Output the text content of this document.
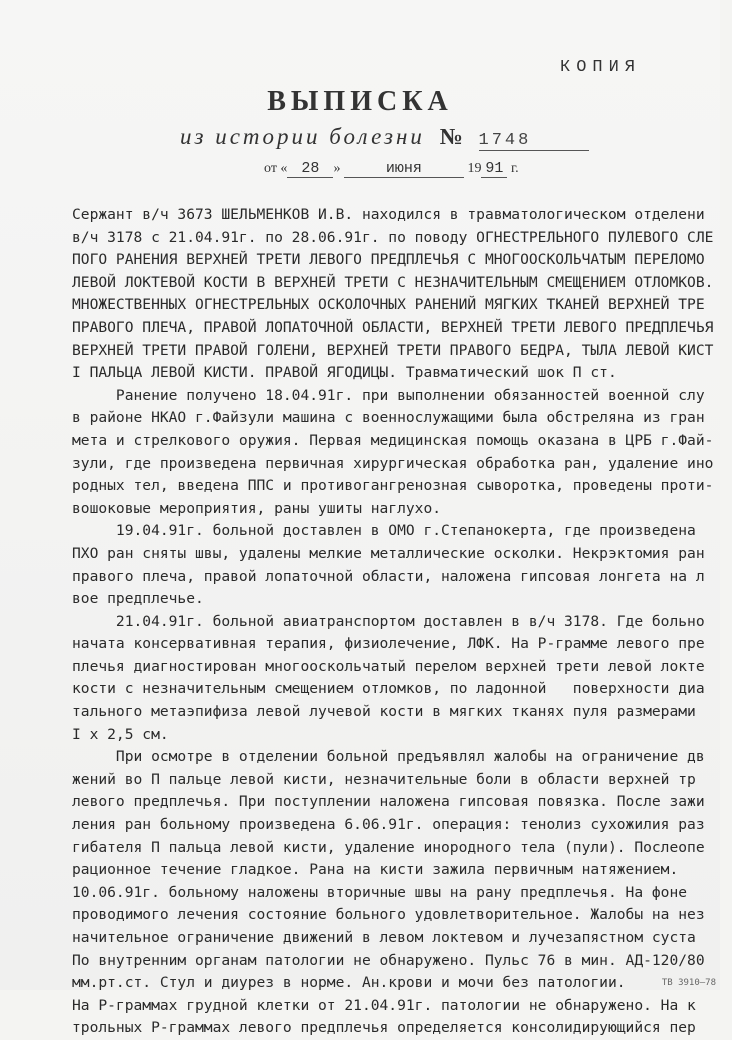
КОПИЯ
ВЫПИСКА
из истории болезни № 1748
от « 28 »	июня	19 91 г.
Сержант в/ч 3673 ШЕЛЬМЕНКОВ И.В. находился в травматологическом отделени
в/ч 3178 с 21.04.91г. по 28.06.91г. по поводу ОГНЕСТРЕЛЬНОГО ПУЛЕВОГО СЛЕ
ПОГО РАНЕНИЯ ВЕРХНЕЙ ТРЕТИ ЛЕВОГО ПРЕДПЛЕЧЬЯ С МНОГООСКОЛЬЧАТЫМ ПЕРЕЛОМО
ЛЕВОЙ ЛОКТЕВОЙ КОСТИ В ВЕРХНЕЙ ТРЕТИ С НЕЗНАЧИТЕЛЬНЫМ СМЕЩЕНИЕМ ОТЛОМКОВ.
МНОЖЕСТВЕННЫХ ОГНЕСТРЕЛЬНЫХ ОСКОЛОЧНЫХ РАНЕНИЙ МЯГКИХ ТКАНЕЙ ВЕРХНЕЙ ТРЕ
ПРАВОГО ПЛЕЧА, ПРАВОЙ ЛОПАТОЧНОЙ ОБЛАСТИ, ВЕРХНЕЙ ТРЕТИ ЛЕВОГО ПРЕДПЛЕЧЬЯ
ВЕРХНЕЙ ТРЕТИ ПРАВОЙ ГОЛЕНИ, ВЕРХНЕЙ ТРЕТИ ПРАВОГО БЕДРА, ТЫЛА ЛЕВОЙ КИСТ
I ПАЛЬЦА ЛЕВОЙ КИСТИ. ПРАВОЙ ЯГОДИЦЫ. Травматический шок П ст.
Ранение получено 18.04.91г. при выполнении обязанностей военной слу
в районе НКАО г.Файзули машина с военнослужащими была обстреляна из гран
мета и стрелкового оружия. Первая медицинская помощь оказана в ЦРБ г.Фай-
зули, где произведена первичная хирургическая обработка ран, удаление ино
родных тел, введена ППС и противогангренозная сыворотка, проведены проти-
вошоковые мероприятия, раны ушиты наглухо.
19.04.91г. больной доставлен в ОМО г.Степанокерта, где произведена
ПХО ран сняты швы, удалены мелкие металлические осколки. Некрэктомия ран
правого плеча, правой лопаточной области, наложена гипсовая лонгета на л
вое предплечье.
21.04.91г. больной авиатранспортом доставлен в в/ч 3178. Где больно
начата консервативная терапия, физиолечение, ЛФК. На Р-грамме левого пре
плечья диагностирован многооскольчатый перелом верхней трети левой локте
кости с незначительным смещением отломков, по ладонной   поверхности диа
тального метаэпифиза левой лучевой кости в мягких тканях пуля размерами
I х 2,5 см.
При осмотре в отделении больной предъявлял жалобы на ограничение дв
жений во П пальце левой кисти, незначительные боли в области верхней тр
левого предплечья. При поступлении наложена гипсовая повязка. После зажи
ления ран больному произведена 6.06.91г. операция: тенолиз сухожилия раз
гибателя П пальца левой кисти, удаление инородного тела (пули). Послеопе
рационное течение гладкое. Рана на кисти зажила первичным натяжением.
10.06.91г. больному наложены вторичные швы на рану предплечья. На фоне
проводимого лечения состояние больного удовлетворительное. Жалобы на нез
начительное ограничение движений в левом локтевом и лучезапястном суста
По внутренним органам патологии не обнаружено. Пульс 76 в мин. АД-120/80
мм.рт.ст. Стул и диурез в норме. Ан.крови и мочи без патологии.
На Р-граммах грудной клетки от 21.04.91г. патологии не обнаружено. На к
трольных Р-граммах левого предплечья определяется консолидирующийся пер
ТВ 3910—78
